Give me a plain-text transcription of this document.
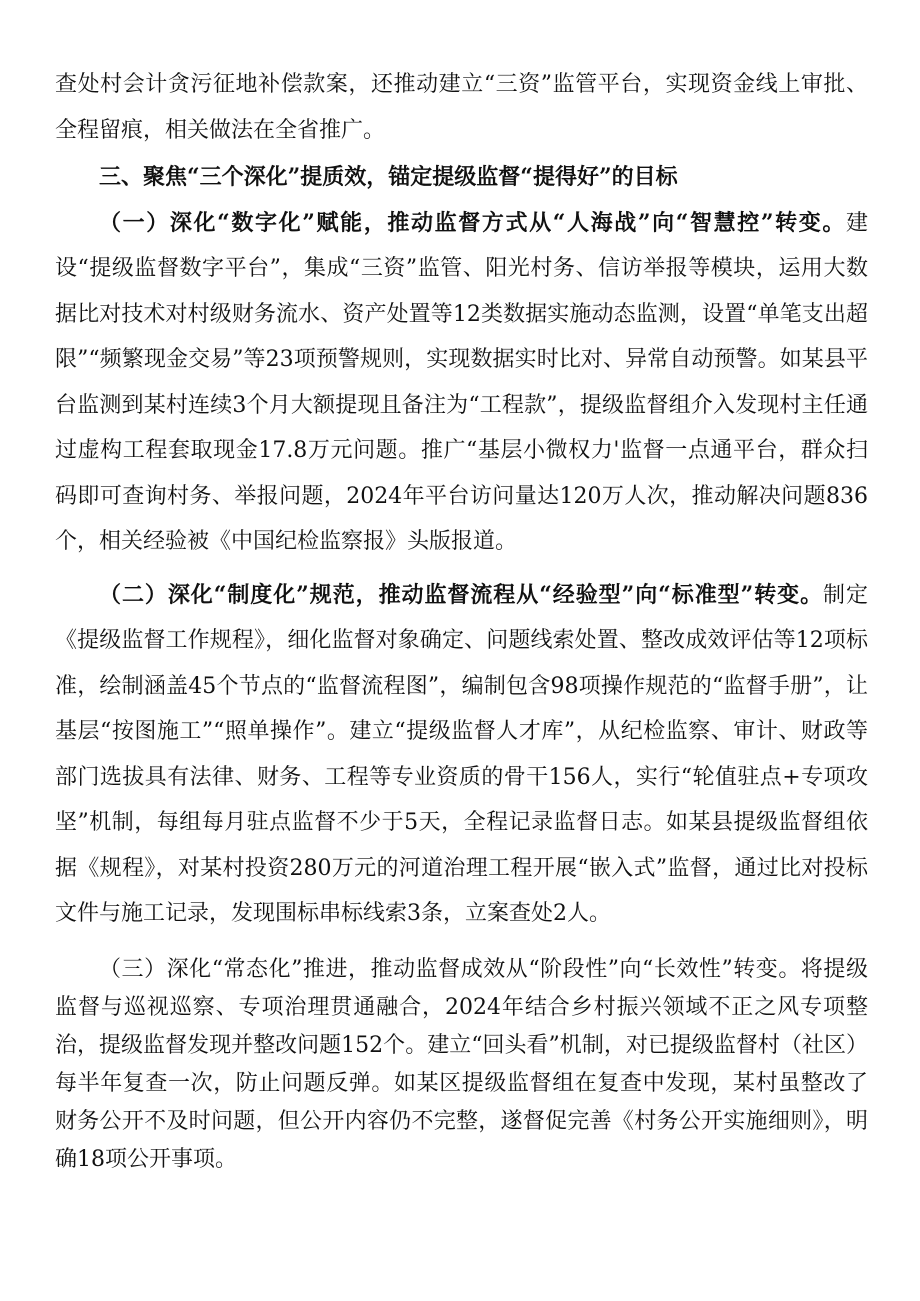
查处村会计贪污征地补偿款案，还推动建立“三资”监管平台，实现资金线上审批、全程留痕，相关做法在全省推广。

三、聚焦“三个深化”提质效，锚定提级监督“提得好”的目标

（一）深化“数字化”赋能，推动监督方式从“人海战”向“智慧控”转变。建设“提级监督数字平台”，集成“三资”监管、阳光村务、信访举报等模块，运用大数据比对技术对村级财务流水、资产处置等12类数据实施动态监测，设置“单笔支出超限”“频繁现金交易”等23项预警规则，实现数据实时比对、异常自动预警。如某县平台监测到某村连续3个月大额提现且备注为“工程款”，提级监督组介入发现村主任通过虚构工程套取现金17.8万元问题。推广“基层小微权力'监督一点通平台，群众扫码即可查询村务、举报问题，2024年平台访问量达120万人次，推动解决问题836个，相关经验被《中国纪检监察报》头版报道。

（二）深化“制度化”规范，推动监督流程从“经验型”向“标准型”转变。制定《提级监督工作规程》，细化监督对象确定、问题线索处置、整改成效评估等12项标准，绘制涵盖45个节点的“监督流程图”，编制包含98项操作规范的“监督手册”，让基层“按图施工”“照单操作”。建立“提级监督人才库”，从纪检监察、审计、财政等部门选拔具有法律、财务、工程等专业资质的骨干156人，实行“轮值驻点+专项攻坚”机制，每组每月驻点监督不少于5天，全程记录监督日志。如某县提级监督组依据《规程》，对某村投资280万元的河道治理工程开展“嵌入式”监督，通过比对投标文件与施工记录，发现围标串标线索3条，立案查处2人。

（三）深化“常态化”推进，推动监督成效从“阶段性”向“长效性”转变。将提级监督与巡视巡察、专项治理贯通融合，2024年结合乡村振兴领域不正之风专项整治，提级监督发现并整改问题152个。建立“回头看”机制，对已提级监督村（社区）每半年复查一次，防止问题反弹。如某区提级监督组在复查中发现，某村虽整改了财务公开不及时问题，但公开内容仍不完整，遂督促完善《村务公开实施细则》，明确18项公开事项。
